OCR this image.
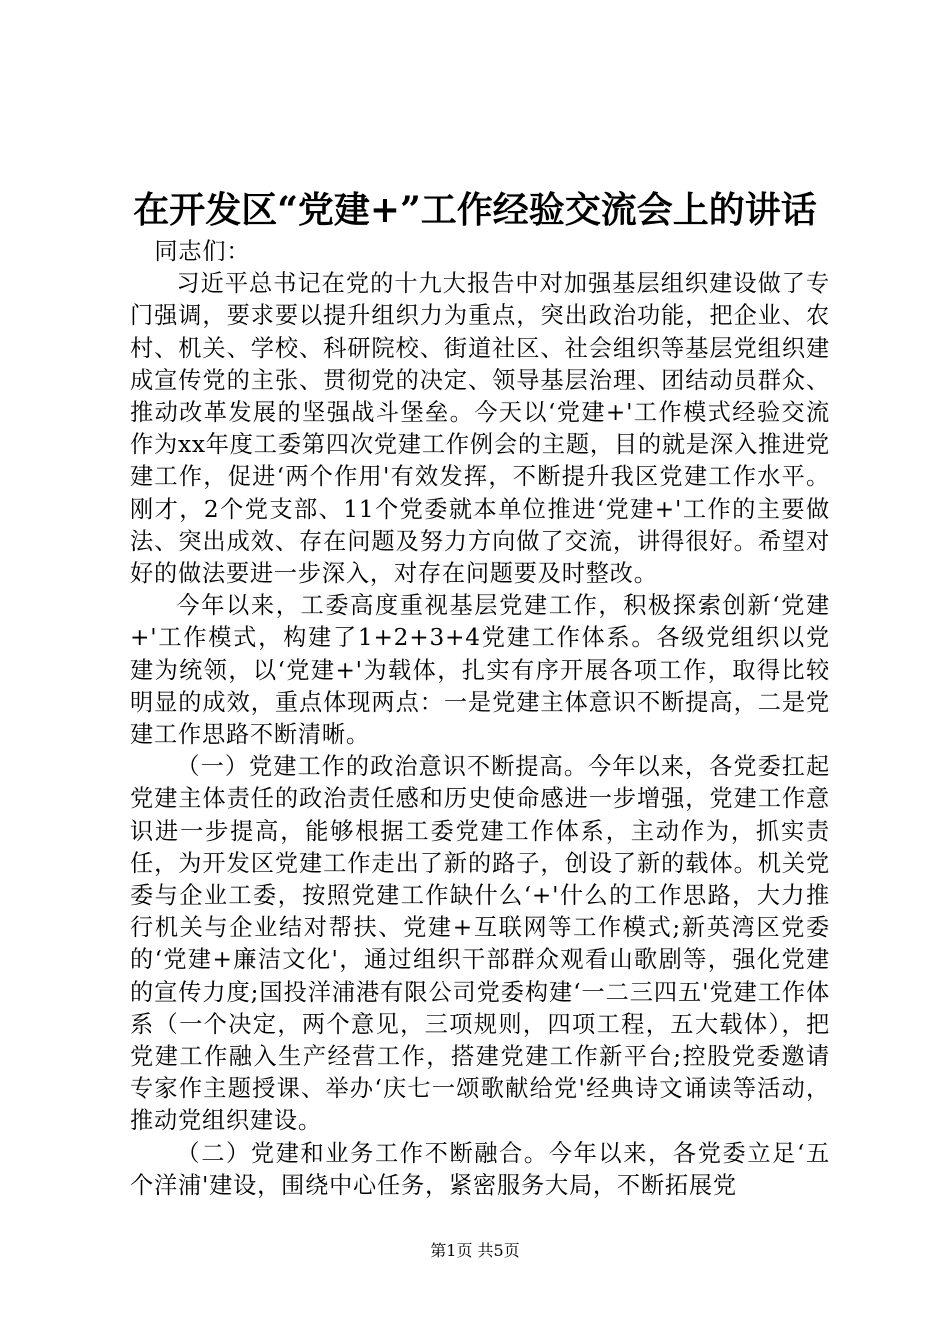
在开发区“党建+”工作经验交流会上的讲话

同志们：

习近平总书记在党的十九大报告中对加强基层组织建设做了专门强调，要求要以提升组织力为重点，突出政治功能，把企业、农村、机关、学校、科研院校、街道社区、社会组织等基层党组织建成宣传党的主张、贯彻党的决定、领导基层治理、团结动员群众、推动改革发展的坚强战斗堡垒。今天以‘党建+'工作模式经验交流作为xx年度工委第四次党建工作例会的主题，目的就是深入推进党建工作，促进‘两个作用'有效发挥，不断提升我区党建工作水平。刚才，2个党支部、11个党委就本单位推进‘党建+'工作的主要做法、突出成效、存在问题及努力方向做了交流，讲得很好。希望对好的做法要进一步深入，对存在问题要及时整改。

今年以来，工委高度重视基层党建工作，积极探索创新‘党建+'工作模式，构建了1+2+3+4党建工作体系。各级党组织以党建为统领，以‘党建+'为载体，扎实有序开展各项工作，取得比较明显的成效，重点体现两点：一是党建主体意识不断提高，二是党建工作思路不断清晰。

（一）党建工作的政治意识不断提高。今年以来，各党委扛起党建主体责任的政治责任感和历史使命感进一步增强，党建工作意识进一步提高，能够根据工委党建工作体系，主动作为，抓实责任，为开发区党建工作走出了新的路子，创设了新的载体。机关党委与企业工委，按照党建工作缺什么‘+'什么的工作思路，大力推行机关与企业结对帮扶、党建+互联网等工作模式;新英湾区党委的‘党建+廉洁文化'，通过组织干部群众观看山歌剧等，强化党建的宣传力度;国投洋浦港有限公司党委构建‘一二三四五'党建工作体系（一个决定，两个意见，三项规则，四项工程，五大载体），把党建工作融入生产经营工作，搭建党建工作新平台;控股党委邀请专家作主题授课、举办‘庆七一颂歌献给党'经典诗文诵读等活动，推动党组织建设。

（二）党建和业务工作不断融合。今年以来，各党委立足‘五个洋浦'建设，围绕中心任务，紧密服务大局，不断拓展党

第1页 共5页
